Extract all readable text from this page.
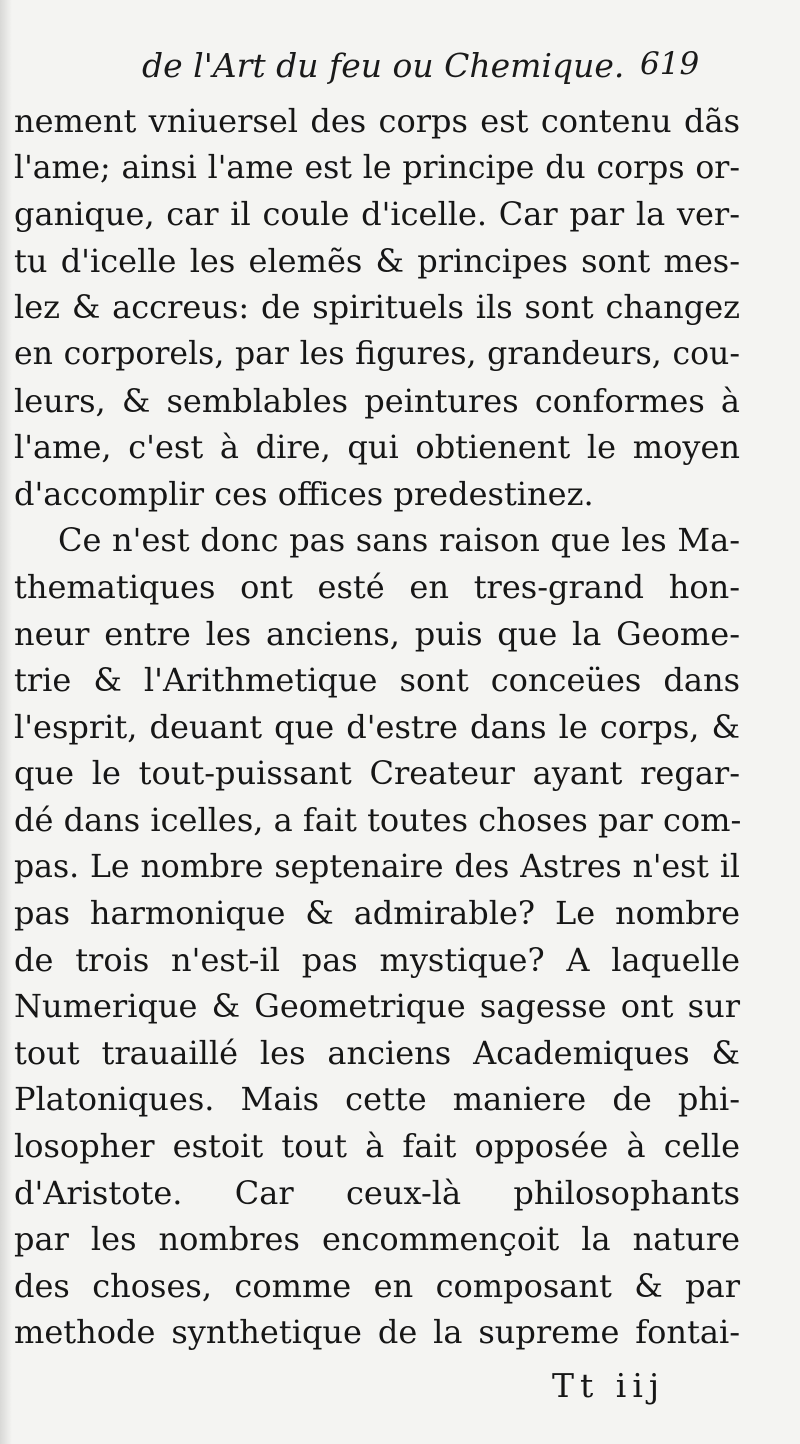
de l'Art du feu ou Chemique. 619
nement vniuersel des corps est contenu dãs
l'ame; ainsi l'ame est le principe du corps or-
ganique, car il coule d'icelle. Car par la ver-
tu d'icelle les elemẽs & principes sont mes-
lez & accreus: de spirituels ils sont changez
en corporels, par les figures, grandeurs, cou-
leurs, & semblables peintures conformes à
l'ame, c'est à dire, qui obtienent le moyen
d'accomplir ces offices predestinez.
Ce n'est donc pas sans raison que les Ma-
thematiques ont esté en tres-grand hon-
neur entre les anciens, puis que la Geome-
trie & l'Arithmetique sont conceües dans
l'esprit, deuant que d'estre dans le corps, &
que le tout-puissant Createur ayant regar-
dé dans icelles, a fait toutes choses par com-
pas. Le nombre septenaire des Astres n'est il
pas harmonique & admirable? Le nombre
de trois n'est-il pas mystique? A laquelle
Numerique & Geometrique sagesse ont sur
tout trauaillé les anciens Academiques &
Platoniques. Mais cette maniere de phi-
losopher estoit tout à fait opposée à celle
d'Aristote. Car ceux-là philosophants
par les nombres encommençoit la nature
des choses, comme en composant & par
methode synthetique de la supreme fontai-
Tt iij
